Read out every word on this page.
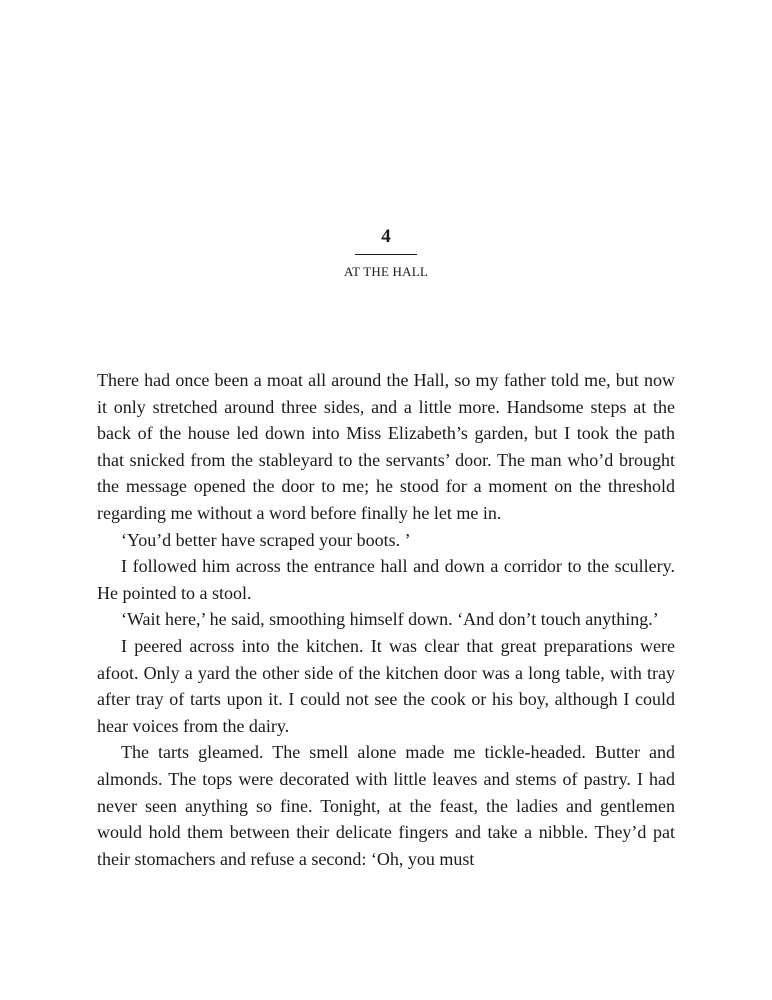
4
AT THE HALL

There had once been a moat all around the Hall, so my father told me, but now it only stretched around three sides, and a little more. Handsome steps at the back of the house led down into Miss Elizabeth’s garden, but I took the path that snicked from the stableyard to the servants’ door. The man who’d brought the message opened the door to me; he stood for a moment on the threshold regarding me without a word before finally he let me in.

‘You’d better have scraped your boots. ’

I followed him across the entrance hall and down a corridor to the scullery. He pointed to a stool.

‘Wait here,’ he said, smoothing himself down. ‘And don’t touch anything.’

I peered across into the kitchen. It was clear that great preparations were afoot. Only a yard the other side of the kitchen door was a long table, with tray after tray of tarts upon it. I could not see the cook or his boy, although I could hear voices from the dairy.

The tarts gleamed. The smell alone made me tickle-headed. Butter and almonds. The tops were decorated with little leaves and stems of pastry. I had never seen anything so fine. Tonight, at the feast, the ladies and gentlemen would hold them between their delicate fingers and take a nibble. They’d pat their stomachers and refuse a second: ‘Oh, you must
